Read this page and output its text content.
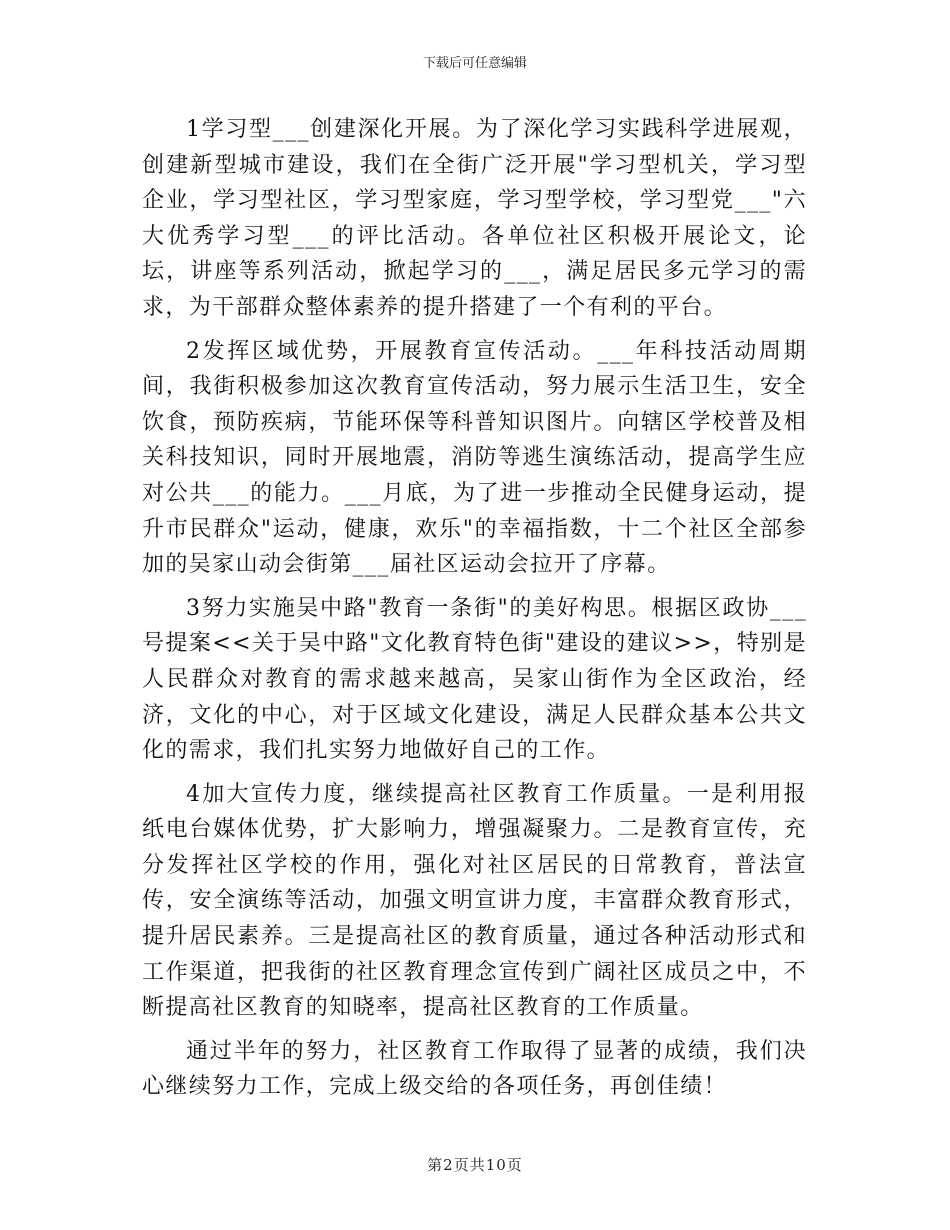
下载后可任意编辑

1学习型___创建深化开展。为了深化学习实践科学进展观，创建新型城市建设，我们在全街广泛开展"学习型机关，学习型企业，学习型社区，学习型家庭，学习型学校，学习型党___"六大优秀学习型___的评比活动。各单位社区积极开展论文，论坛，讲座等系列活动，掀起学习的___，满足居民多元学习的需求，为干部群众整体素养的提升搭建了一个有利的平台。

2发挥区域优势，开展教育宣传活动。___年科技活动周期间，我街积极参加这次教育宣传活动，努力展示生活卫生，安全饮食，预防疾病，节能环保等科普知识图片。向辖区学校普及相关科技知识，同时开展地震，消防等逃生演练活动，提高学生应对公共___的能力。___月底，为了进一步推动全民健身运动，提升市民群众"运动，健康，欢乐"的幸福指数，十二个社区全部参加的吴家山动会街第___届社区运动会拉开了序幕。

3努力实施吴中路"教育一条街"的美好构思。根据区政协___号提案<<关于吴中路"文化教育特色街"建设的建议>>，特别是人民群众对教育的需求越来越高，吴家山街作为全区政治，经济，文化的中心，对于区域文化建设，满足人民群众基本公共文化的需求，我们扎实努力地做好自己的工作。

4加大宣传力度，继续提高社区教育工作质量。一是利用报纸电台媒体优势，扩大影响力，增强凝聚力。二是教育宣传，充分发挥社区学校的作用，强化对社区居民的日常教育，普法宣传，安全演练等活动，加强文明宣讲力度，丰富群众教育形式，提升居民素养。三是提高社区的教育质量，通过各种活动形式和工作渠道，把我街的社区教育理念宣传到广阔社区成员之中，不断提高社区教育的知晓率，提高社区教育的工作质量。

通过半年的努力，社区教育工作取得了显著的成绩，我们决心继续努力工作，完成上级交给的各项任务，再创佳绩！

第2页共10页
